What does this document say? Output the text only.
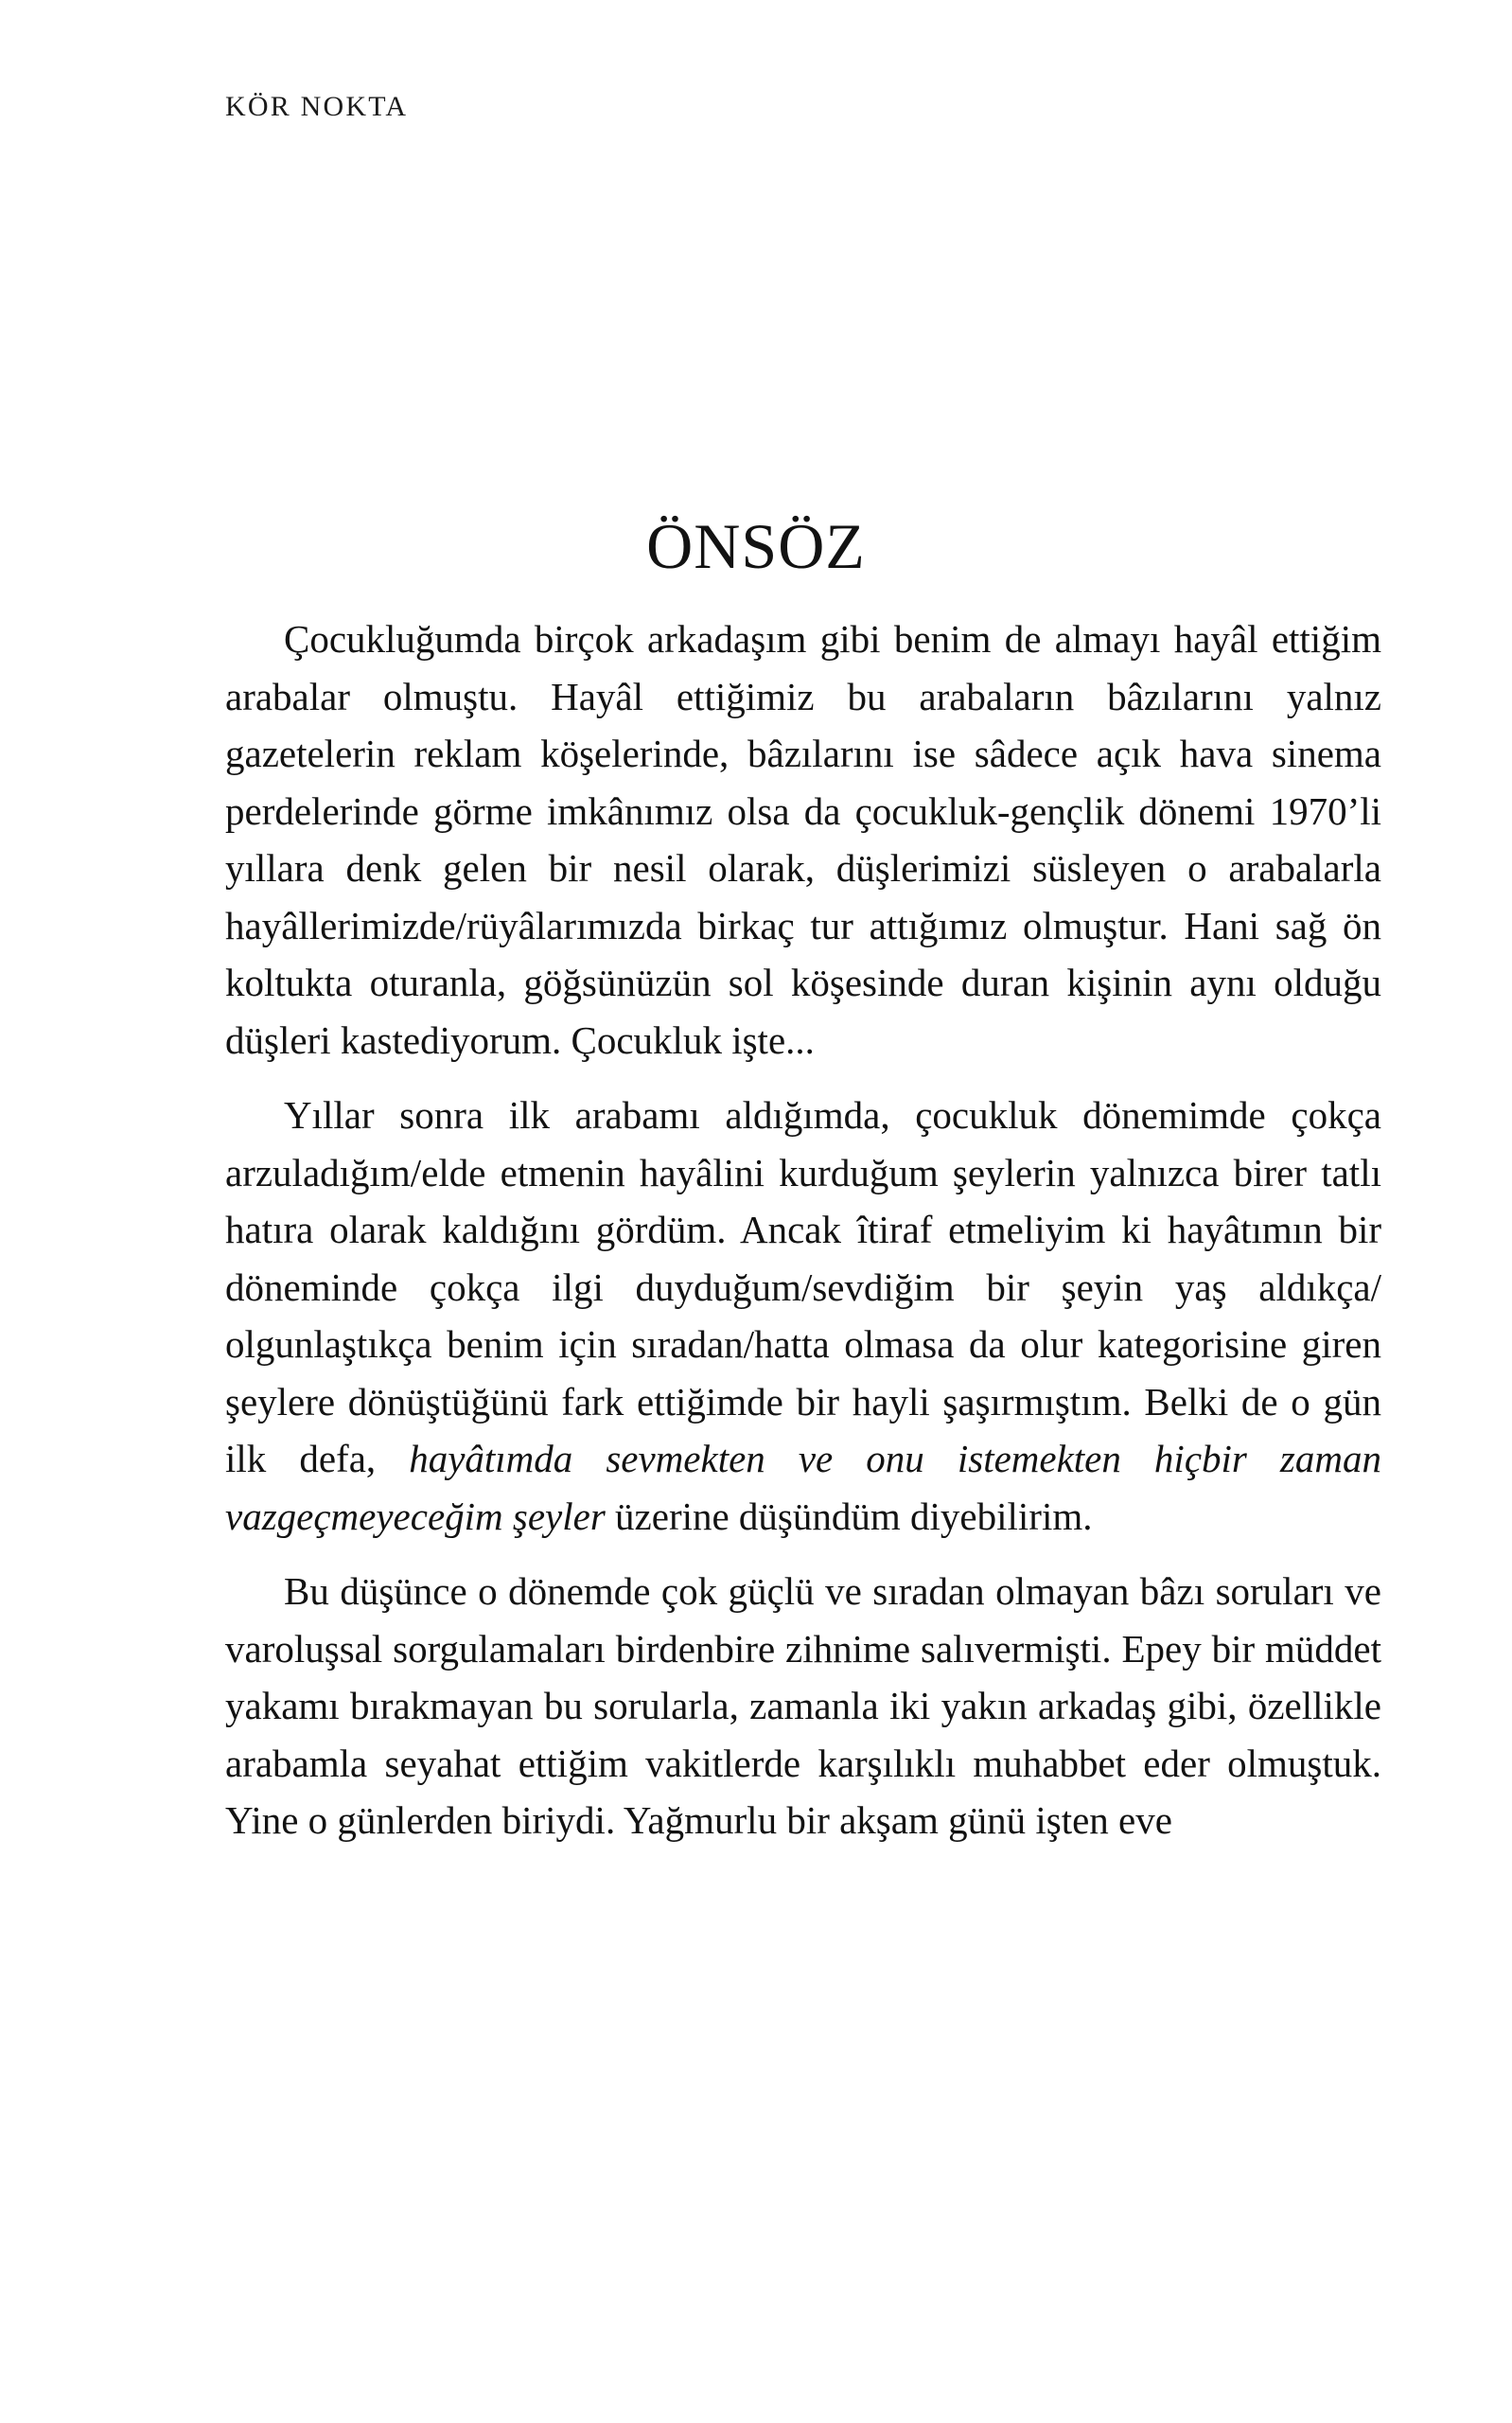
KÖR NOKTA
ÖNSÖZ

Çocukluğumda birçok arkadaşım gibi benim de almayı hayâl ettiğim arabalar olmuştu. Hayâl ettiğimiz bu arabaların bâzılarını yalnız gazetelerin reklam köşelerinde, bâzılarını ise sâdece açık hava sinema perdelerinde görme imkânımız olsa da çocukluk-gençlik dönemi 1970’li yıllara denk gelen bir nesil olarak, düşlerimizi süsleyen o arabalarla hayâllerimizde/rüyâlarımızda birkaç tur attığımız olmuştur. Hani sağ ön koltukta oturanla, göğsünüzün sol köşesinde duran kişinin aynı olduğu düşleri kastediyorum. Çocukluk işte...

Yıllar sonra ilk arabamı aldığımda, çocukluk dönemimde çokça arzuladığım/elde etmenin hayâlini kurduğum şeylerin yalnızca birer tatlı hatıra olarak kaldığını gördüm. Ancak îtiraf etmeliyim ki hayâtımın bir döneminde çokça ilgi duyduğum/sevdiğim bir şeyin yaş aldıkça/ olgunlaştıkça benim için sıradan/hatta olmasa da olur kategorisine giren şeylere dönüştüğünü fark ettiğimde bir hayli şaşırmıştım. Belki de o gün ilk defa, hayâtımda sevmekten ve onu istemekten hiçbir zaman vazgeçmeyeceğim şeyler üzerine düşündüm diyebilirim.

Bu düşünce o dönemde çok güçlü ve sıradan olmayan bâzı soruları ve varoluşsal sorgulamaları birdenbire zihnime salıvermişti. Epey bir müddet yakamı bırakmayan bu sorularla, zamanla iki yakın arkadaş gibi, özellikle arabamla seyahat ettiğim vakitlerde karşılıklı muhabbet eder olmuştuk. Yine o günlerden biriydi. Yağmurlu bir akşam günü işten eve
